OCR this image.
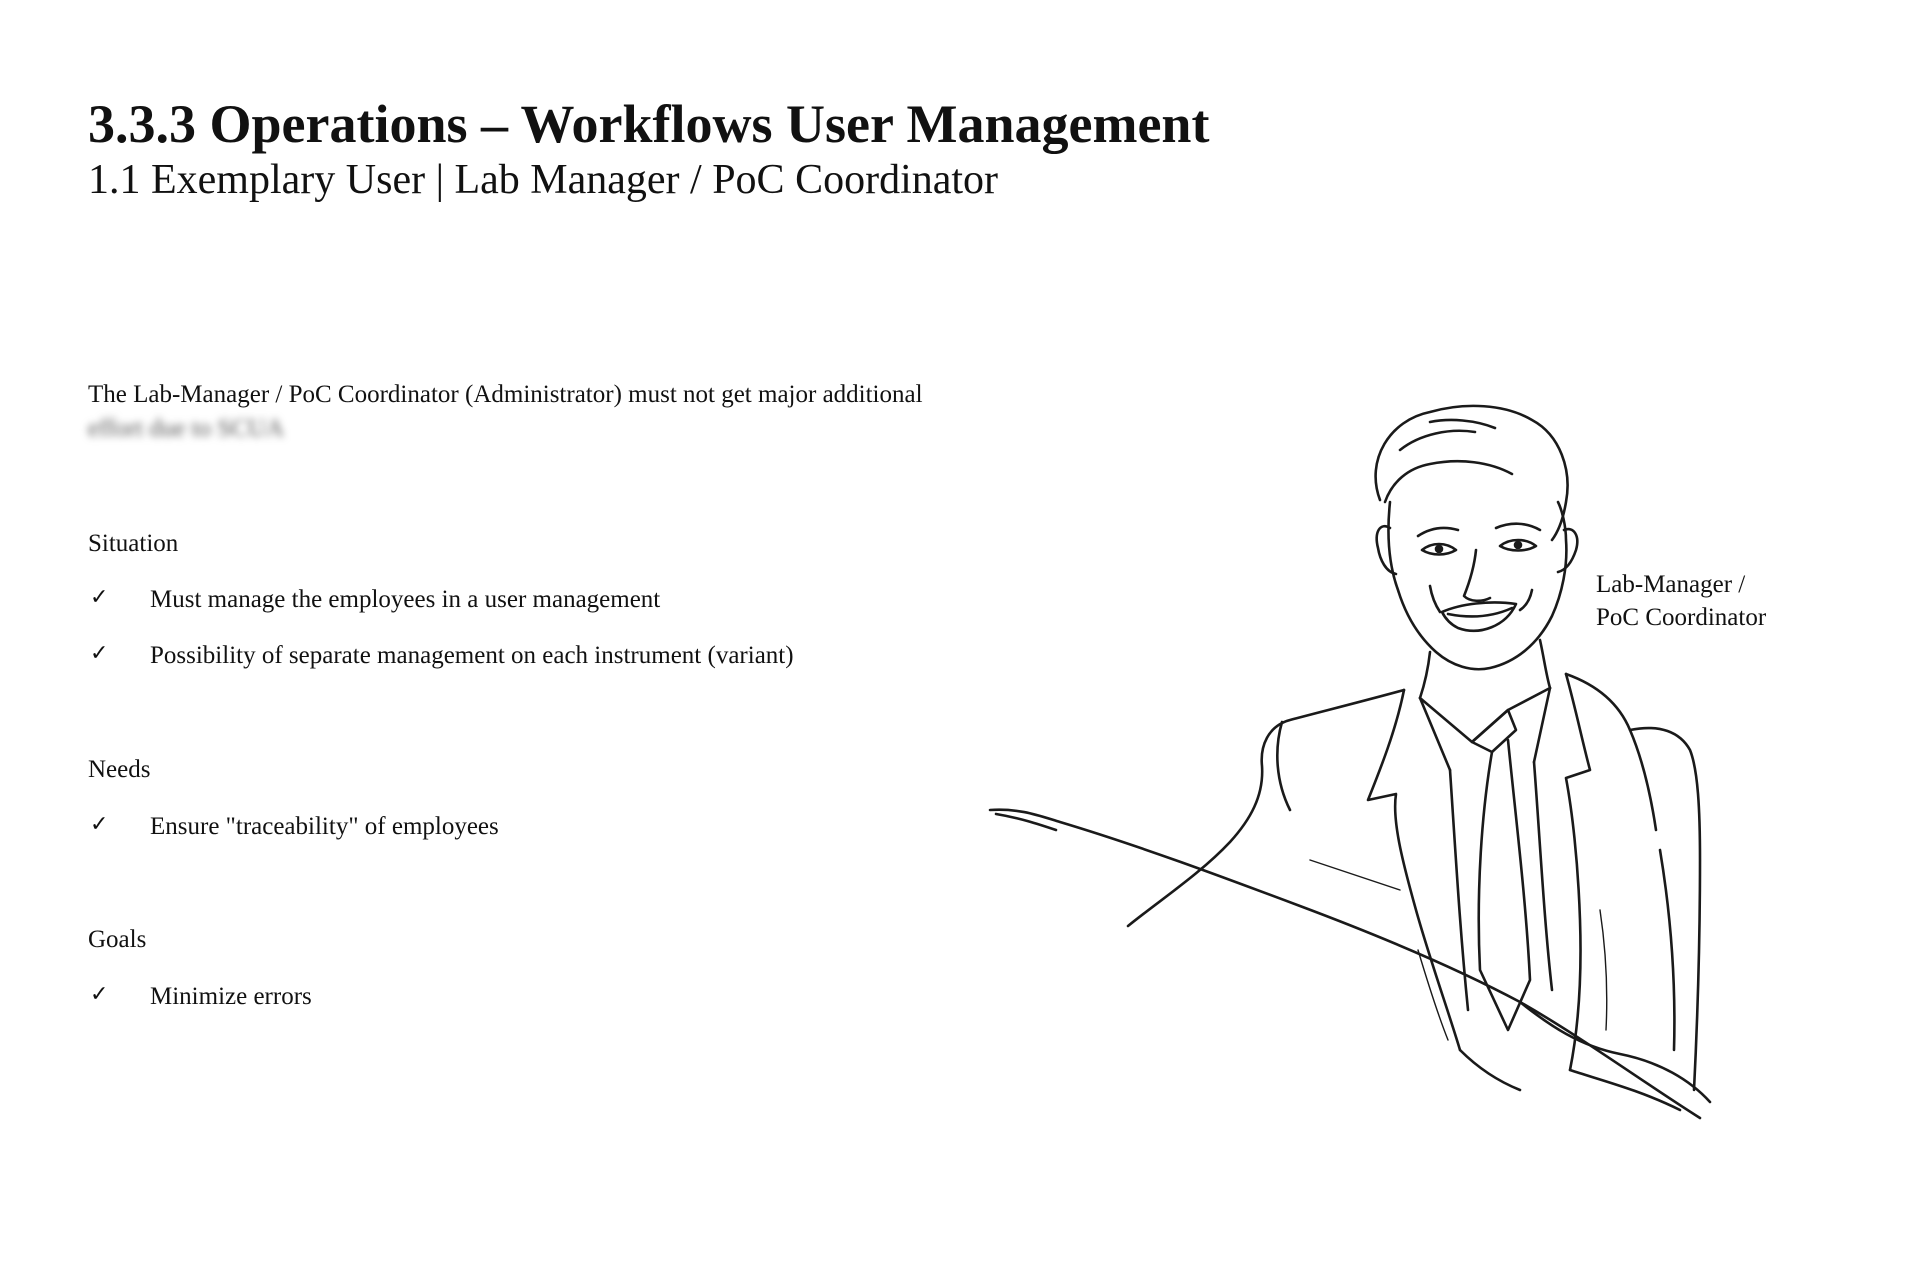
3.3.3 Operations – Workflows User Management
1.1 Exemplary User | Lab Manager / PoC Coordinator
The Lab-Manager / PoC Coordinator (Administrator) must not get major additional
effort due to SCUA
Situation
✓ Must manage the employees in a user management
✓ Possibility of separate management on each instrument (variant)
Needs
✓ Ensure "traceability" of employees
Goals
✓ Minimize errors
Lab-Manager /
PoC Coordinator
